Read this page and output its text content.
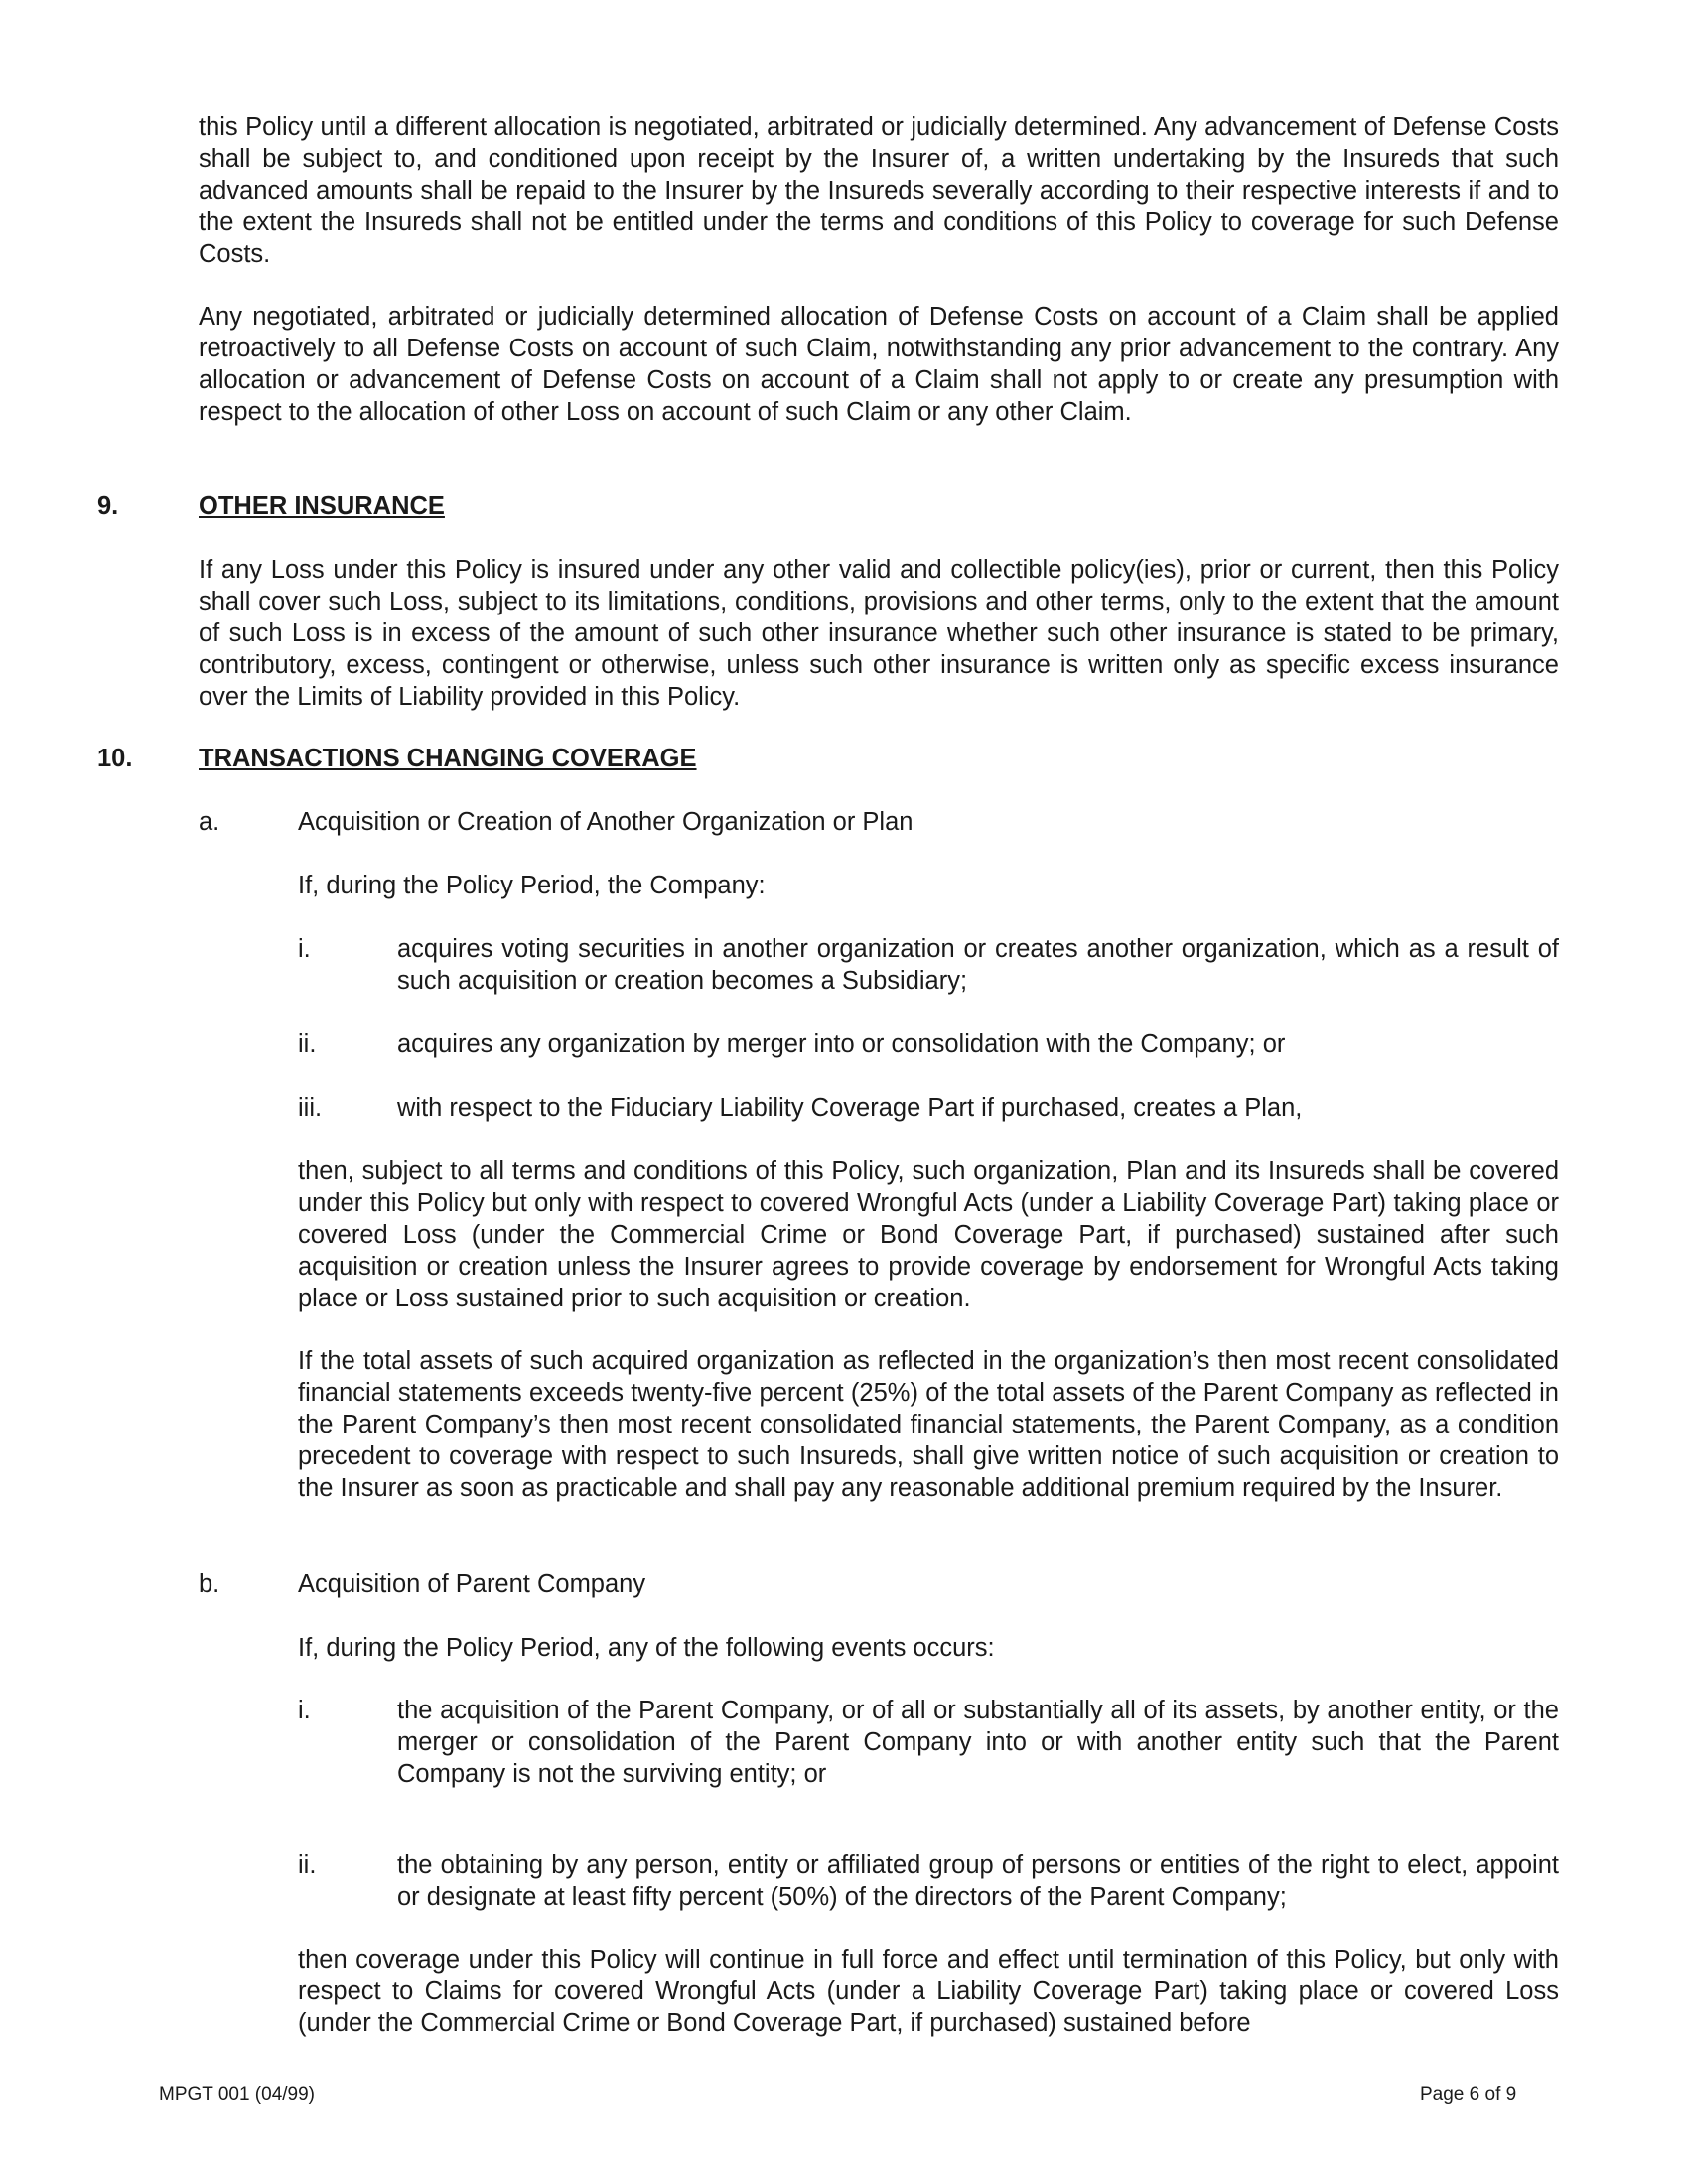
this Policy until a different allocation is negotiated, arbitrated or judicially determined. Any advancement of Defense Costs shall be subject to, and conditioned upon receipt by the Insurer of, a written undertaking by the Insureds that such advanced amounts shall be repaid to the Insurer by the Insureds severally according to their respective interests if and to the extent the Insureds shall not be entitled under the terms and conditions of this Policy to coverage for such Defense Costs.

Any negotiated, arbitrated or judicially determined allocation of Defense Costs on account of a Claim shall be applied retroactively to all Defense Costs on account of such Claim, notwithstanding any prior advancement to the contrary. Any allocation or advancement of Defense Costs on account of a Claim shall not apply to or create any presumption with respect to the allocation of other Loss on account of such Claim or any other Claim.

9.	OTHER INSURANCE

If any Loss under this Policy is insured under any other valid and collectible policy(ies), prior or current, then this Policy shall cover such Loss, subject to its limitations, conditions, provisions and other terms, only to the extent that the amount of such Loss is in excess of the amount of such other insurance whether such other insurance is stated to be primary, contributory, excess, contingent or otherwise, unless such other insurance is written only as specific excess insurance over the Limits of Liability provided in this Policy.

10.	TRANSACTIONS CHANGING COVERAGE
a.	Acquisition or Creation of Another Organization or Plan
If, during the Policy Period, the Company:
i.	acquires voting securities in another organization or creates another organization, which as a result of such acquisition or creation becomes a Subsidiary;

ii.	acquires any organization by merger into or consolidation with the Company; or

iii.	with respect to the Fiduciary Liability Coverage Part if purchased, creates a Plan,

then, subject to all terms and conditions of this Policy, such organization, Plan and its Insureds shall be covered under this Policy but only with respect to covered Wrongful Acts (under a Liability Coverage Part) taking place or covered Loss (under the Commercial Crime or Bond Coverage Part, if purchased) sustained after such acquisition or creation unless the Insurer agrees to provide coverage by endorsement for Wrongful Acts taking place or Loss sustained prior to such acquisition or creation.

If the total assets of such acquired organization as reflected in the organization’s then most recent consolidated financial statements exceeds twenty-five percent (25%) of the total assets of the Parent Company as reflected in the Parent Company’s then most recent consolidated financial statements, the Parent Company, as a condition precedent to coverage with respect to such Insureds, shall give written notice of such acquisition or creation to the Insurer as soon as practicable and shall pay any reasonable additional premium required by the Insurer.

b.	Acquisition of Parent Company
If, during the Policy Period, any of the following events occurs:
i.	the acquisition of the Parent Company, or of all or substantially all of its assets, by another entity, or the merger or consolidation of the Parent Company into or with another entity such that the Parent Company is not the surviving entity; or

ii.	the obtaining by any person, entity or affiliated group of persons or entities of the right to elect, appoint or designate at least fifty percent (50%) of the directors of the Parent Company;

then coverage under this Policy will continue in full force and effect until termination of this Policy, but only with respect to Claims for covered Wrongful Acts (under a Liability Coverage Part) taking place or covered Loss (under the Commercial Crime or Bond Coverage Part, if purchased) sustained before

MPGT 001 (04/99)	Page 6 of 9
